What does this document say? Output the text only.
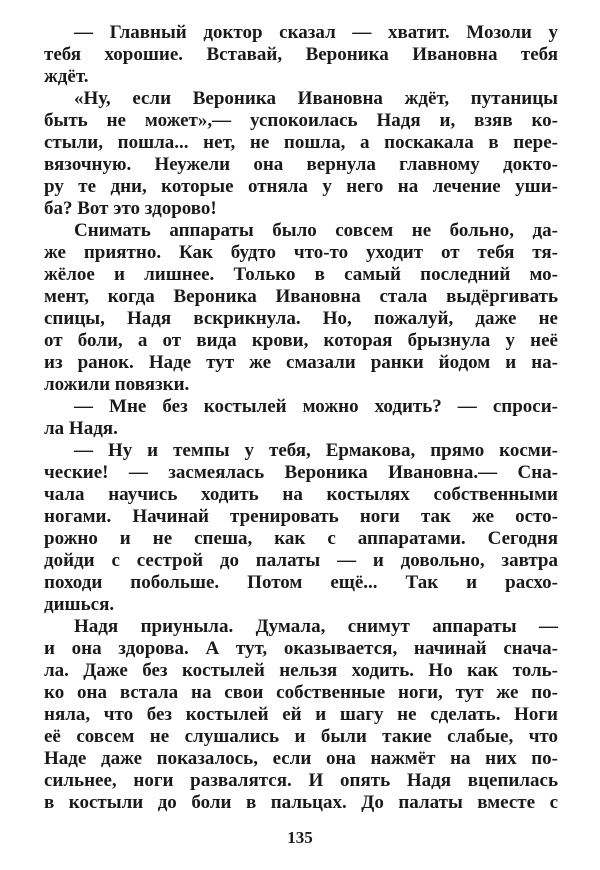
— Главный доктор сказал — хватит. Мозоли у
тебя хорошие. Вставай, Вероника Ивановна тебя
ждёт.
«Ну, если Вероника Ивановна ждёт, путаницы
быть не может»,— успокоилась Надя и, взяв ко-
стыли, пошла... нет, не пошла, а поскакала в пере-
вязочную. Неужели она вернула главному докто-
ру те дни, которые отняла у него на лечение уши-
ба? Вот это здорово!
Снимать аппараты было совсем не больно, да-
же приятно. Как будто что-то уходит от тебя тя-
жёлое и лишнее. Только в самый последний мо-
мент, когда Вероника Ивановна стала выдёргивать
спицы, Надя вскрикнула. Но, пожалуй, даже не
от боли, а от вида крови, которая брызнула у неё
из ранок. Наде тут же смазали ранки йодом и на-
ложили повязки.
— Мне без костылей можно ходить? — спроси-
ла Надя.
— Ну и темпы у тебя, Ермакова, прямо косми-
ческие! — засмеялась Вероника Ивановна.— Сна-
чала научись ходить на костылях собственными
ногами. Начинай тренировать ноги так же осто-
рожно и не спеша, как с аппаратами. Сегодня
дойди с сестрой до палаты — и довольно, завтра
походи побольше. Потом ещё... Так и расхо-
дишься.
Надя приуныла. Думала, снимут аппараты —
и она здорова. А тут, оказывается, начинай снача-
ла. Даже без костылей нельзя ходить. Но как толь-
ко она встала на свои собственные ноги, тут же по-
няла, что без костылей ей и шагу не сделать. Ноги
её совсем не слушались и были такие слабые, что
Наде даже показалось, если она нажмёт на них по-
сильнее, ноги развалятся. И опять Надя вцепилась
в костыли до боли в пальцах. До палаты вместе с
135
